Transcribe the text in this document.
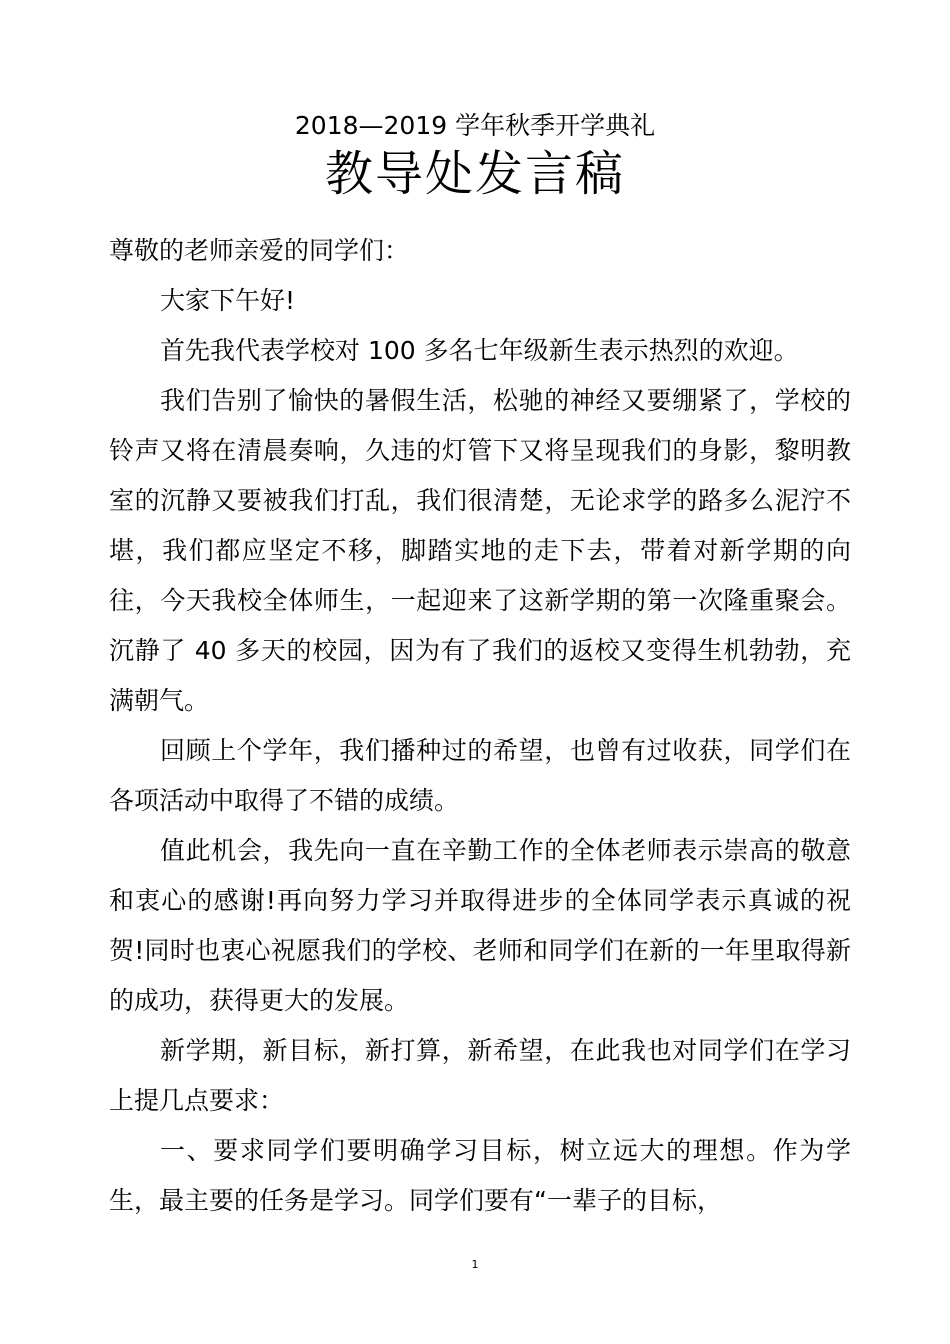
2018—2019 学年秋季开学典礼
教导处发言稿

尊敬的老师亲爱的同学们：

大家下午好!

首先我代表学校对 100 多名七年级新生表示热烈的欢迎。

我们告别了愉快的暑假生活，松驰的神经又要绷紧了，学校的铃声又将在清晨奏响，久违的灯管下又将呈现我们的身影，黎明教室的沉静又要被我们打乱，我们很清楚，无论求学的路多么泥泞不堪，我们都应坚定不移，脚踏实地的走下去，带着对新学期的向往，今天我校全体师生，一起迎来了这新学期的第一次隆重聚会。沉静了 40 多天的校园，因为有了我们的返校又变得生机勃勃，充满朝气。

回顾上个学年，我们播种过的希望，也曾有过收获，同学们在各项活动中取得了不错的成绩。

值此机会，我先向一直在辛勤工作的全体老师表示崇高的敬意和衷心的感谢!再向努力学习并取得进步的全体同学表示真诚的祝贺!同时也衷心祝愿我们的学校、老师和同学们在新的一年里取得新的成功，获得更大的发展。

新学期，新目标，新打算，新希望，在此我也对同学们在学习上提几点要求：

一、要求同学们要明确学习目标，树立远大的理想。作为学生，最主要的任务是学习。同学们要有“一辈子的目标，

1
